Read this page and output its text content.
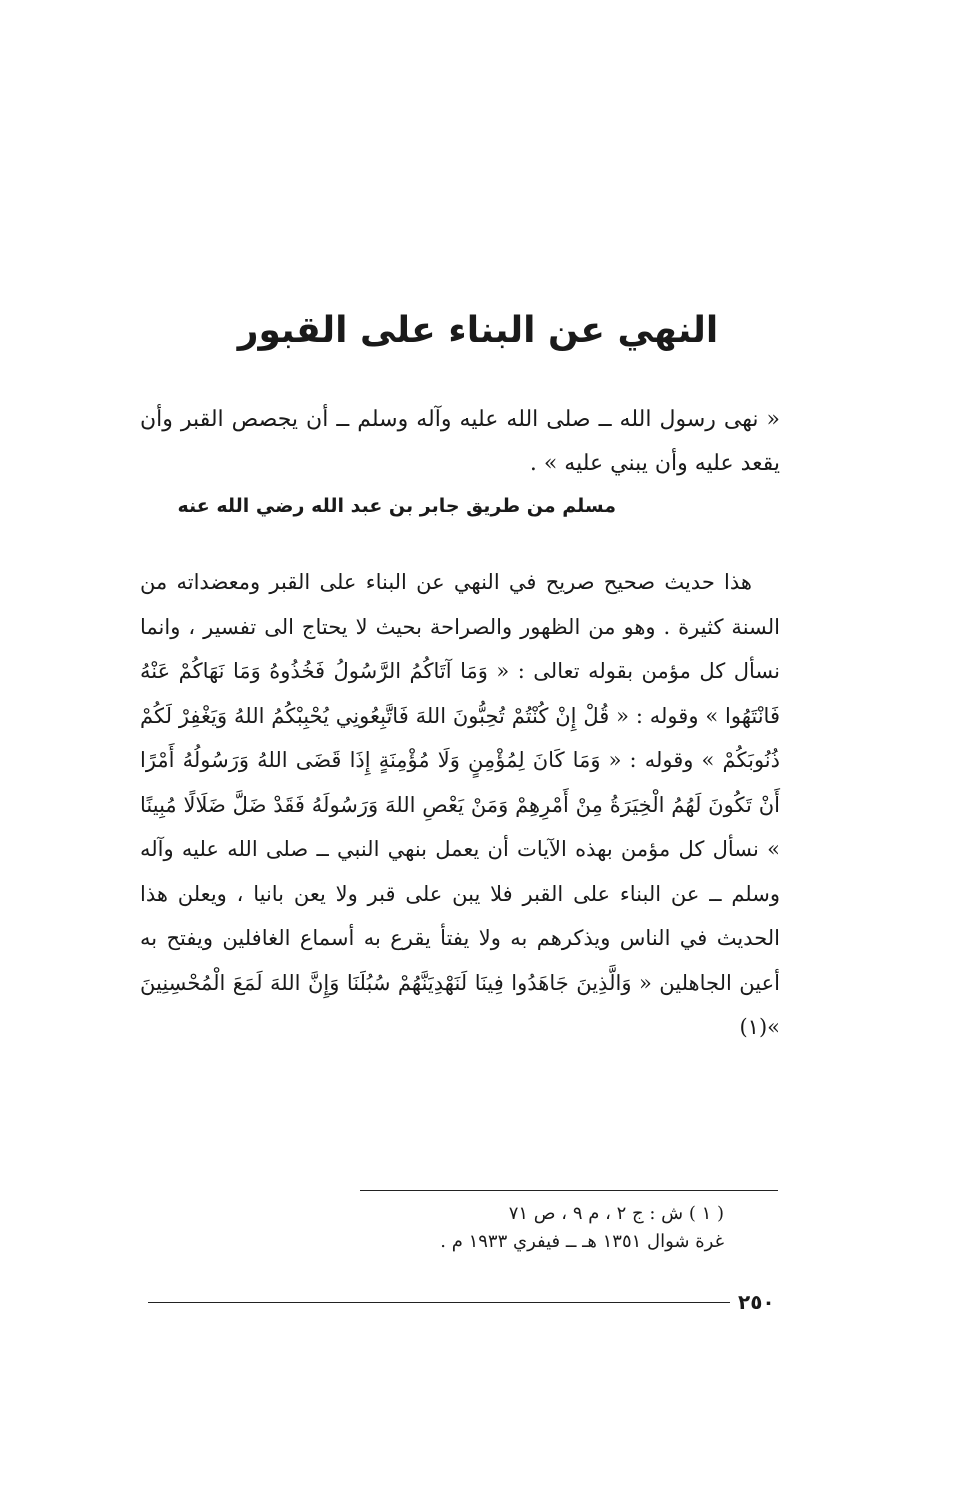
النهي عن البناء على القبور

« نهى رسول الله ــ صلى الله عليه وآله وسلم ــ أن يجصص القبر وأن يقعد عليه وأن يبني عليه » .

مسلم من طريق جابر بن عبد الله رضي الله عنه

هذا حديث صحيح صريح في النهي عن البناء على القبر ومعضداته من السنة كثيرة . وهو من الظهور والصراحة بحيث لا يحتاج الى تفسير ، وانما نسأل كل مؤمن بقوله تعالى : « وَمَا آتَاكُمُ الرَّسُولُ فَخُذُوهُ وَمَا نَهَاكُمْ عَنْهُ فَانْتَهُوا » وقوله : « قُلْ إِنْ كُنْتُمْ تُحِبُّونَ اللهَ فَاتَّبِعُونِي يُحْبِبْكُمُ اللهُ وَيَغْفِرْ لَكُمْ ذُنُوبَكُمْ » وقوله : « وَمَا كَانَ لِمُؤْمِنٍ وَلَا مُؤْمِنَةٍ إِذَا قَضَى اللهُ وَرَسُولُهُ أَمْرًا أَنْ تَكُونَ لَهُمُ الْخِيَرَةُ مِنْ أَمْرِهِمْ وَمَنْ يَعْصِ اللهَ وَرَسُولَهُ فَقَدْ ضَلَّ ضَلَالًا مُبِينًا » نسأل كل مؤمن بهذه الآيات أن يعمل بنهي النبي ــ صلى الله عليه وآله وسلم ــ عن البناء على القبر فلا يبن على قبر ولا يعن بانيا ، ويعلن هذا الحديث في الناس ويذكرهم به ولا يفتأ يقرع به أسماع الغافلين ويفتح به أعين الجاهلين « وَالَّذِينَ جَاهَدُوا فِينَا لَنَهْدِيَنَّهُمْ سُبُلَنَا وَإِنَّ اللهَ لَمَعَ الْمُحْسِنِينَ »(١)

( ١ ) ش : ج ٢ ، م ٩ ، ص ٧١

غرة شوال ١٣٥١ هـ ــ فيفري ١٩٣٣ م .

٢٥٠
